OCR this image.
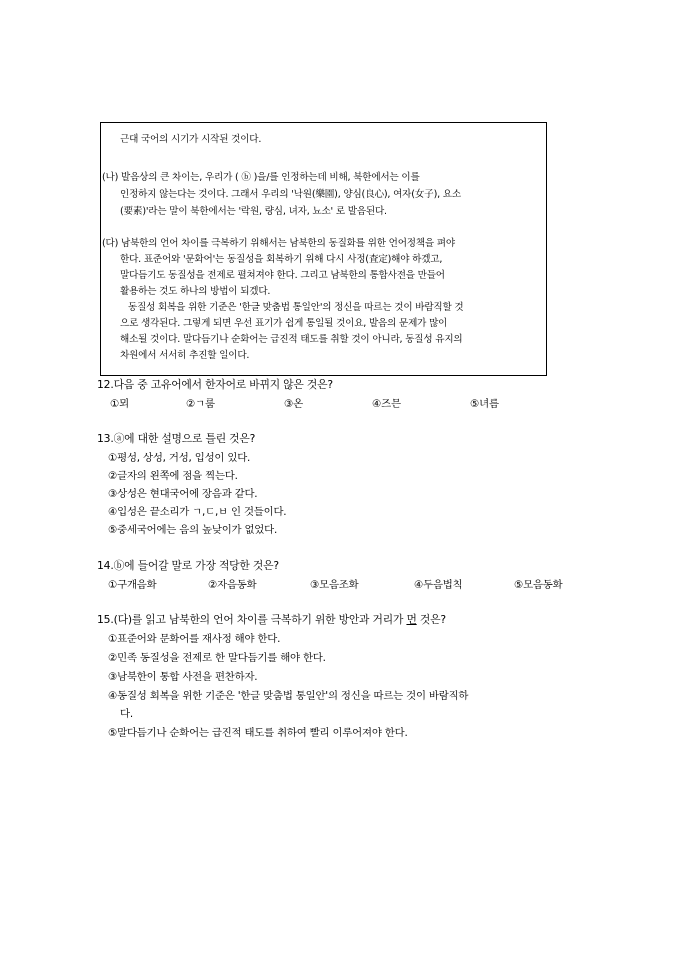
근대 국어의 시기가 시작된 것이다.
(나) 발음상의 큰 차이는, 우리가 ( ⓑ )을/를 인정하는데 비해, 북한에서는 이를
인정하지 않는다는 것이다. 그래서 우리의 '낙원(樂園), 양심(良心), 여자(女子), 요소
(要素)'라는 말이 북한에서는 '락원, 량심, 녀자, 뇨소' 로 발음된다.
(다) 남북한의 언어 차이를 극복하기 위해서는 남북한의 동질화를 위한 언어정책을 펴야
한다. 표준어와 '문화어'는 동질성을 회복하기 위해 다시 사정(査定)해야 하겠고,
말다듬기도 동질성을 전제로 펼쳐져야 한다. 그리고 남북한의 통합사전을 만들어
활용하는 것도 하나의 방법이 되겠다.
동질성 회복을 위한 기준은 '한글 맞춤법 통일안'의 정신을 따르는 것이 바람직할 것
으로 생각된다. 그렇게 되면 우선 표기가 쉽게 통일될 것이요, 발음의 문제가 많이
해소될 것이다. 말다듬기나 순화어는 급진적 태도를 취할 것이 아니라, 동질성 유지의
차원에서 서서히 추진할 일이다.
12.다음 중 고유어에서 한자어로 바뀌지 않은 것은?
①뫼	②ㄱ룸	③온	④즈믄	⑤녀름
13.ⓐ에 대한 설명으로 틀린 것은?
①평성, 상성, 거성, 입성이 있다.
②글자의 왼쪽에 점을 찍는다.
③상성은 현대국어에 장음과 같다.
④입성은 끝소리가 ㄱ,ㄷ,ㅂ 인 것들이다.
⑤중세국어에는 음의 높낮이가 없었다.
14.ⓑ에 들어갈 말로 가장 적당한 것은?
①구개음화	②자음동화	③모음조화	④두음법칙	⑤모음동화
15.(다)를 읽고 남북한의 언어 차이를 극복하기 위한 방안과 거리가 먼 것은?
①표준어와 문화어를 재사정 해야 한다.
②민족 동질성을 전제로 한 말다듬기를 해야 한다.
③남북한이 통합 사전을 편찬하자.
④동질성 회복을 위한 기준은 '한글 맞춤법 통일안'의 정신을 따르는 것이 바람직하
다.
⑤말다듬기나 순화어는 급진적 태도를 취하여 빨리 이루어져야 한다.
